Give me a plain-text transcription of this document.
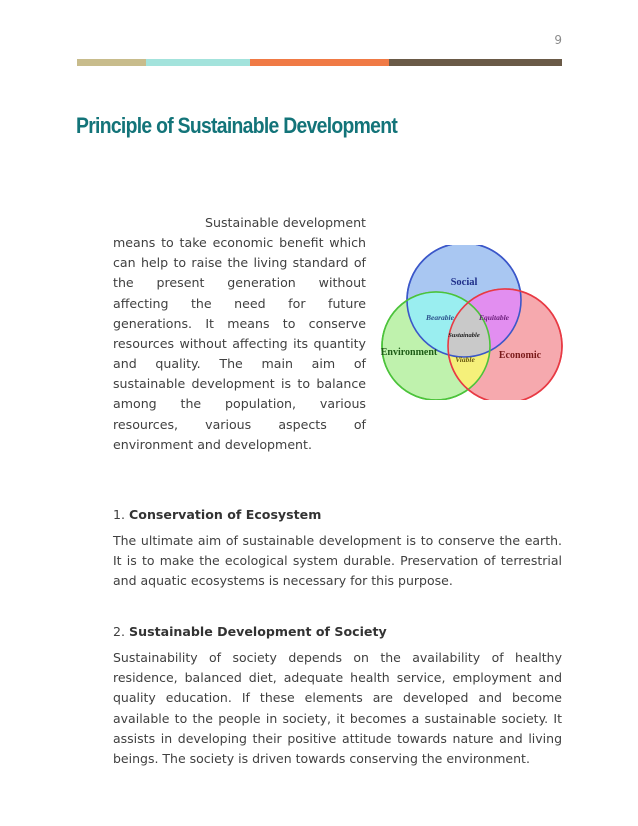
9
Principle of Sustainable Development
Sustainable development means to take economic benefit which can help to raise the living standard of the present generation without affecting the need for future generations. It means to conserve resources without affecting its quantity and quality. The main aim of sustainable development is to balance among the population, various resources, various aspects of
environment and development.
Social
Environment	Economic
Bearable	Equitable
Viable
Sustainable

1. Conservation of Ecosystem

The ultimate aim of sustainable development is to conserve the earth. It is to make the ecological system durable. Preservation of terrestrial and aquatic ecosystems is necessary for this purpose.

2. Sustainable Development of Society

Sustainability of society depends on the availability of healthy residence, balanced diet, adequate health service, employment and quality education. If these elements are developed and become available to the people in society, it becomes a sustainable society. It assists in developing their positive attitude towards nature and living beings. The society is driven towards conserving the environment.
